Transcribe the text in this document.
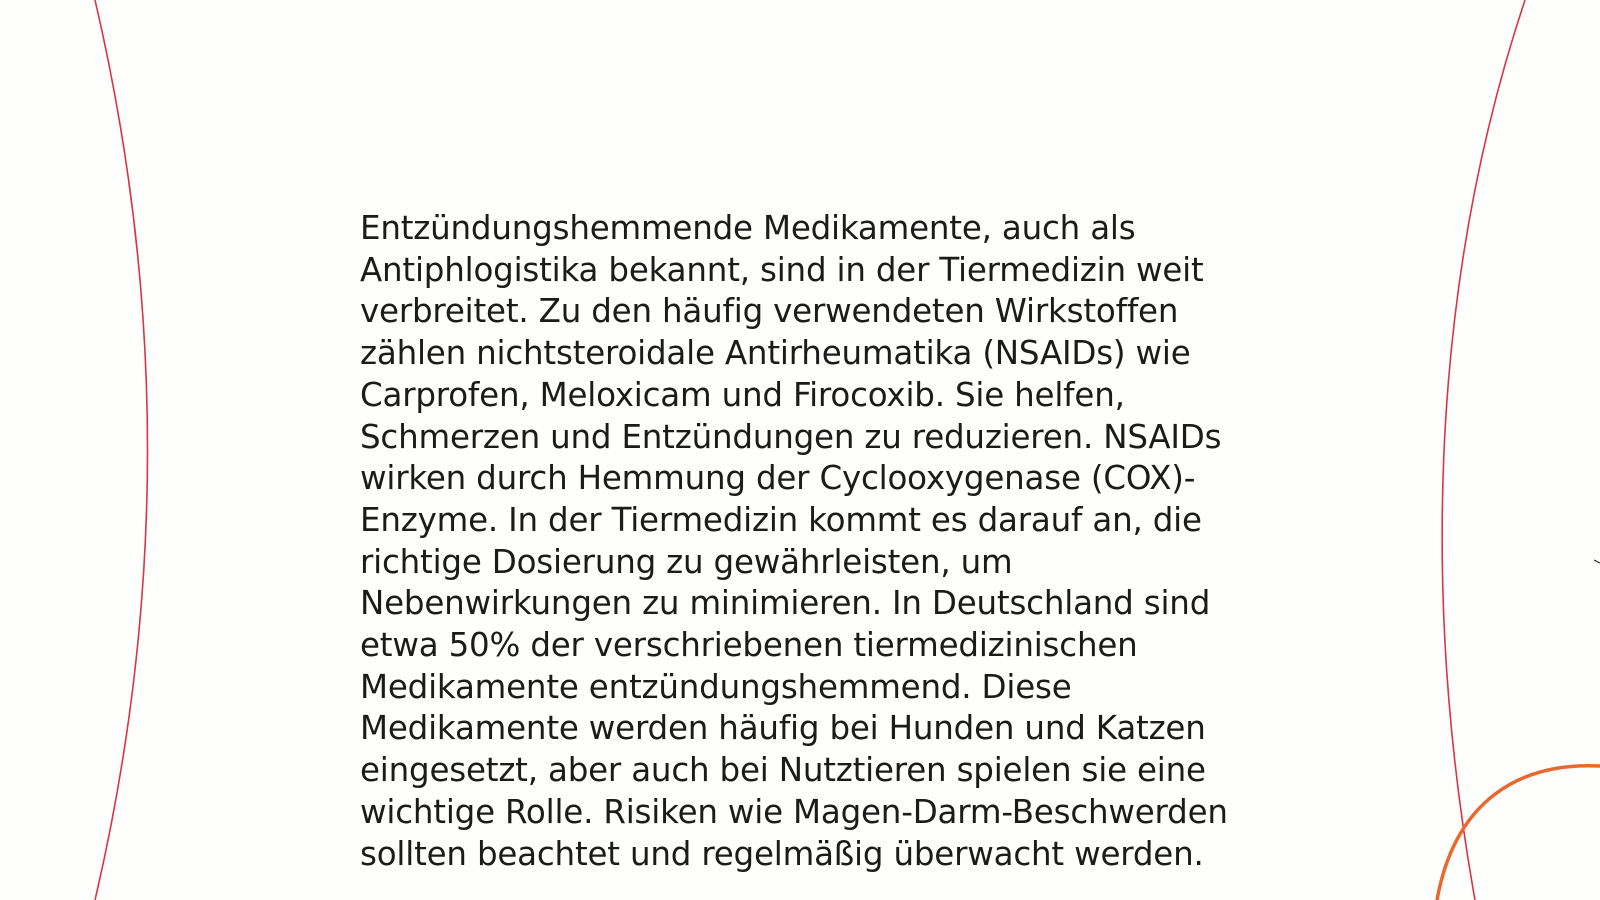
Entzündungshemmende Medikamente, auch als
Antiphlogistika bekannt, sind in der Tiermedizin weit
verbreitet. Zu den häufig verwendeten Wirkstoffen
zählen nichtsteroidale Antirheumatika (NSAIDs) wie
Carprofen, Meloxicam und Firocoxib. Sie helfen,
Schmerzen und Entzündungen zu reduzieren. NSAIDs
wirken durch Hemmung der Cyclooxygenase (COX)-
Enzyme. In der Tiermedizin kommt es darauf an, die
richtige Dosierung zu gewährleisten, um
Nebenwirkungen zu minimieren. In Deutschland sind
etwa 50% der verschriebenen tiermedizinischen
Medikamente entzündungshemmend. Diese
Medikamente werden häufig bei Hunden und Katzen
eingesetzt, aber auch bei Nutztieren spielen sie eine
wichtige Rolle. Risiken wie Magen-Darm-Beschwerden
sollten beachtet und regelmäßig überwacht werden.
